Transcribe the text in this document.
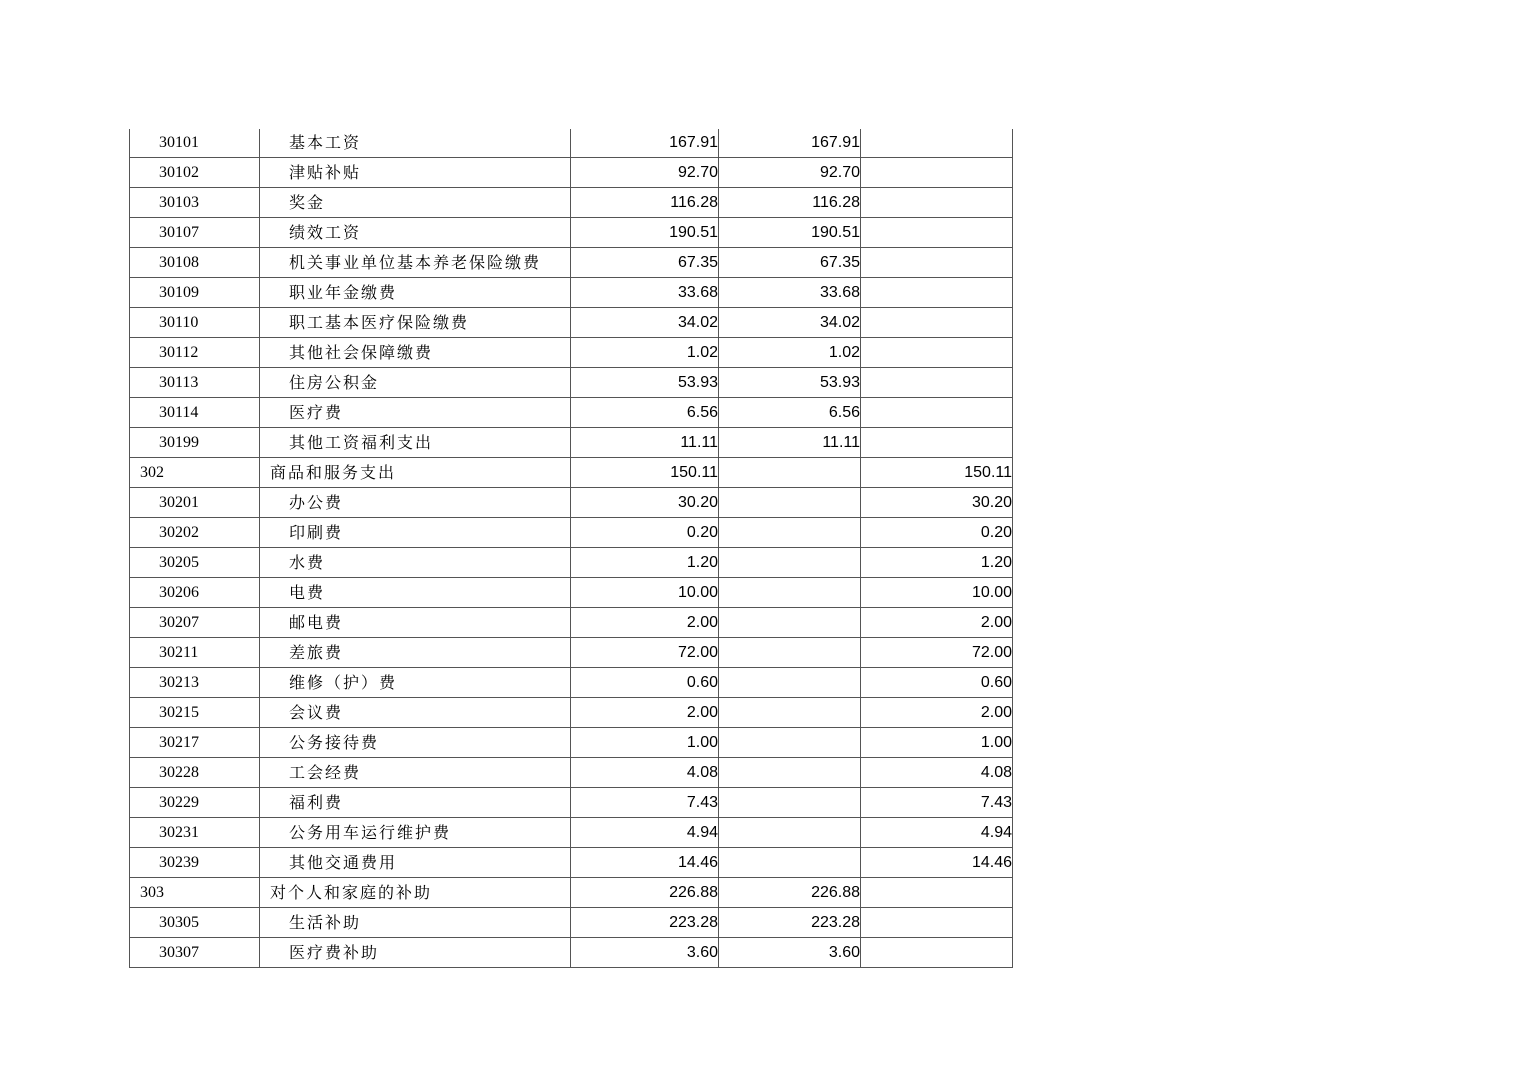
30101	基本工资	167.91	167.91	
30102	津贴补贴	92.70	92.70	
30103	奖金	116.28	116.28	
30107	绩效工资	190.51	190.51	
30108	机关事业单位基本养老保险缴费	67.35	67.35	
30109	职业年金缴费	33.68	33.68	
30110	职工基本医疗保险缴费	34.02	34.02	
30112	其他社会保障缴费	1.02	1.02	
30113	住房公积金	53.93	53.93	
30114	医疗费	6.56	6.56	
30199	其他工资福利支出	11.11	11.11	
302	商品和服务支出	150.11		150.11
30201	办公费	30.20		30.20
30202	印刷费	0.20		0.20
30205	水费	1.20		1.20
30206	电费	10.00		10.00
30207	邮电费	2.00		2.00
30211	差旅费	72.00		72.00
30213	维修（护）费	0.60		0.60
30215	会议费	2.00		2.00
30217	公务接待费	1.00		1.00
30228	工会经费	4.08		4.08
30229	福利费	7.43		7.43
30231	公务用车运行维护费	4.94		4.94
30239	其他交通费用	14.46		14.46
303	对个人和家庭的补助	226.88	226.88	
30305	生活补助	223.28	223.28	
30307	医疗费补助	3.60	3.60	
